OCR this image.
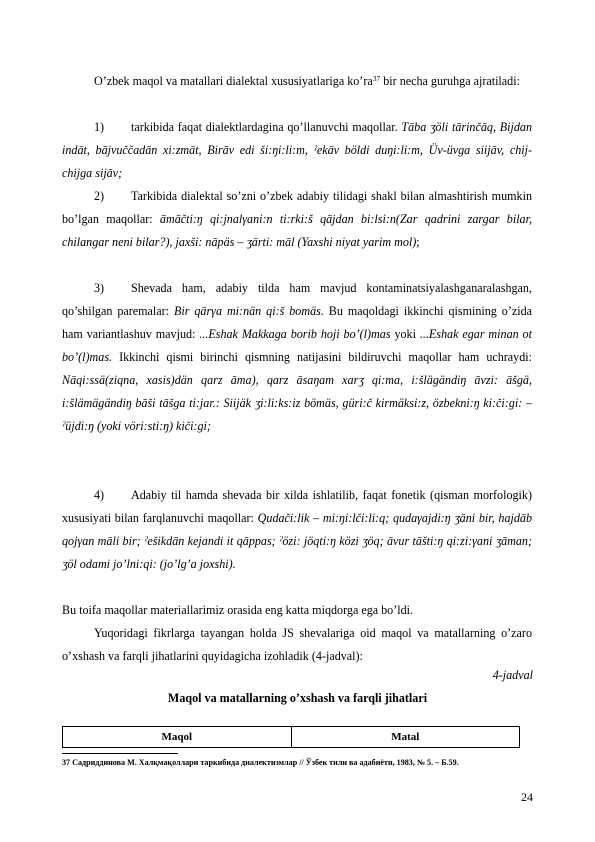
O’zbek maqol va matallari dialektal xususiyatlariga $ko’ra^{37}$ bir necha guruhga ajratiladi:

1) tarkibida faqat dialektlardagina qo’llanuvchi maqollar. Tāba ӡöli tārinčāq, Bijdan indāt, bājvuččadān xi:zmāt, Birāv edi ši:ŋi:li:m, ˀekāv böldi duŋi:li:m, Üv-üvga siijāv, chij-chijga sijāv;

2) Tarkibida dialektal so’zni o’zbek adabiy tilidagi shakl bilan almashtirish mumkin bo’lgan maqollar: āmāčti:ŋ qi:jnalγani:n ti:rki:š qājdan bi:lsi:n(Zar qadrini zargar bilar, chilangar neni bilar?), jaxši: nāpäs – ӡārti: māl (Yaxshi niyat yarim mol);

3) Shevada ham, adabiy tilda ham mavjud kontaminatsiyalashganaralashgan, qo’shilgan paremalar: Bir qārγa mi:nän qi:š bomäs. Bu maqoldagi ikkinchi qismining o’zida ham variantlashuv mavjud: ...Eshak Makkaga borib hoji bo’(l)mas yoki ...Eshak egar minan ot bo’(l)mas. Ikkinchi qismi birinchi qismning natijasini bildiruvchi maqollar ham uchraydi: Nāqi:ssä(ziqna, xasis)dän qarz āma), qarz āsaŋam xarӡ qi:ma, i:šlägändiŋ āvzi: āšgä, i:šlämägändiŋ bāši tāšga ti:jar.: Siijäk ӡi:li:ks:iz bömäs, güri:č kirmäksi:z, özbekni:ŋ ki:či:gi: –ˀüjdi:ŋ (yoki vöri:sti:ŋ) kiči:gi;

4) Adabiy til hamda shevada bir xilda ishlatilib, faqat fonetik (qisman morfologik) xususiyati bilan farqlanuvchi maqollar: Qudači:lik – mi:ŋi:lči:li:q; qudaγajdi:ŋ ӡāni bir, hajdāb qojγan māli bir; ˀešikdān kejandi it qāppas; ˀözi: jöqti:ŋ közi ӡöq; āvur tāšti:ŋ qi:zi:γani ӡāman; ӡöl odami jo’lni:qi: (jo’lg’a joxshi).

Bu toifa maqollar materiallarimiz orasida eng katta miqdorga ega bo’ldi.

Yuqoridagi fikrlarga tayangan holda JS shevalariga oid maqol va matallarning o’zaro o’xshash va farqli jihatlarini quyidagicha izohladik (4-jadval):

4-jadval
Maqol va matallarning o’xshash va farqli jihatlari
Maqol	Matal
37 Садриддинова М. Халқмақоллари таркибида диалектизмлар // Ўзбек тили ва адабиёти, 1983, № 5. – Б.59.
24
